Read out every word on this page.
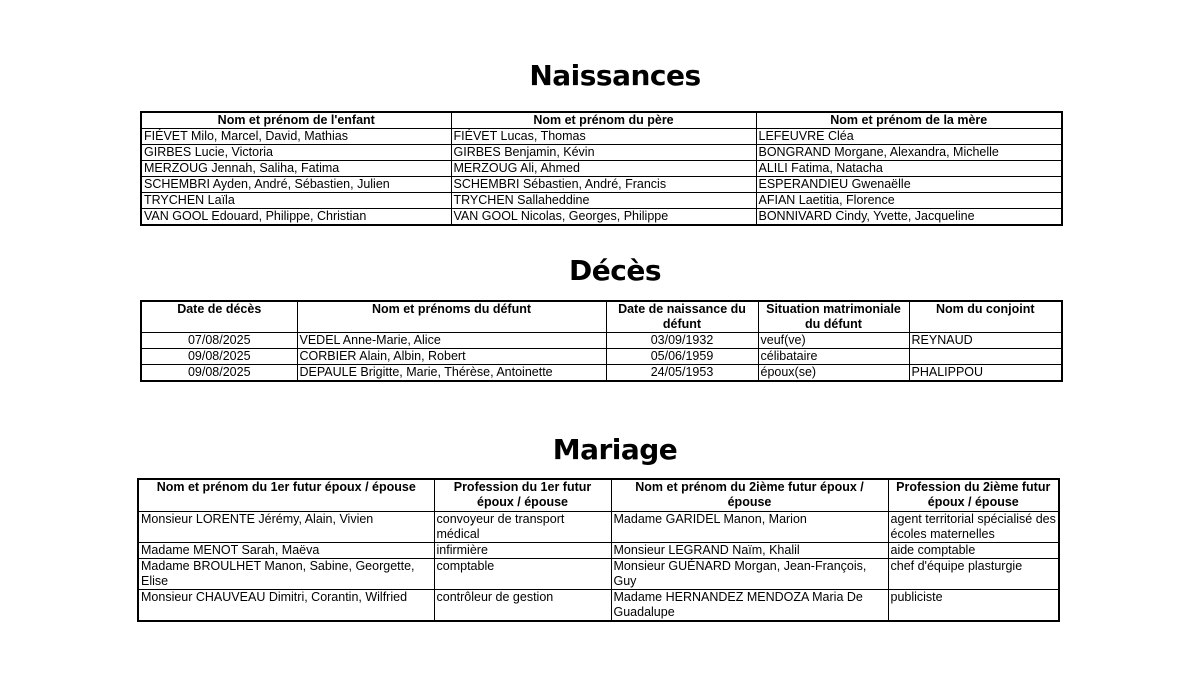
Naissances
Nom et prénom de l'enfant	Nom et prénom du père	Nom et prénom de la mère
FIÉVET Milo, Marcel, David, Mathias	FIÉVET Lucas, Thomas	LEFEUVRE Cléa
GIRBES Lucie, Victoria	GIRBES Benjamin, Kévin	BONGRAND Morgane, Alexandra, Michelle
MERZOUG Jennah, Saliha, Fatima	MERZOUG Ali, Ahmed	ALILI Fatima, Natacha
SCHEMBRI Ayden, André, Sébastien, Julien	SCHEMBRI Sébastien, André, Francis	ESPERANDIEU Gwenaëlle
TRYCHEN Laïla	TRYCHEN Sallaheddine	AFIAN Laetitia, Florence
VAN GOOL Edouard, Philippe, Christian	VAN GOOL Nicolas, Georges, Philippe	BONNIVARD Cindy, Yvette, Jacqueline
Décès
Date de décès	Nom et prénoms du défunt	Date de naissance du défunt	Situation matrimoniale du défunt	Nom du conjoint
07/08/2025	VEDEL Anne-Marie, Alice	03/09/1932	veuf(ve)	REYNAUD
09/08/2025	CORBIER Alain, Albin, Robert	05/06/1959	célibataire	
09/08/2025	DEPAULE Brigitte, Marie, Thérèse, Antoinette	24/05/1953	époux(se)	PHALIPPOU
Mariage
Nom et prénom du 1er futur époux / épouse	Profession du 1er futur époux / épouse	Nom et prénom du 2ième futur époux / épouse	Profession du 2ième futur époux / épouse
Monsieur LORENTE Jérémy, Alain, Vivien	convoyeur de transport médical	Madame GARIDEL Manon, Marion	agent territorial spécialisé des écoles maternelles
Madame MENOT Sarah, Maëva	infirmière	Monsieur LEGRAND Naïm, Khalil	aide comptable
Madame BROULHET Manon, Sabine, Georgette, Elise	comptable	Monsieur GUÉNARD Morgan, Jean-François, Guy	chef d'équipe plasturgie
Monsieur CHAUVEAU Dimitri, Corantin, Wilfried	contrôleur de gestion	Madame HERNANDEZ MENDOZA Maria De Guadalupe	publiciste
